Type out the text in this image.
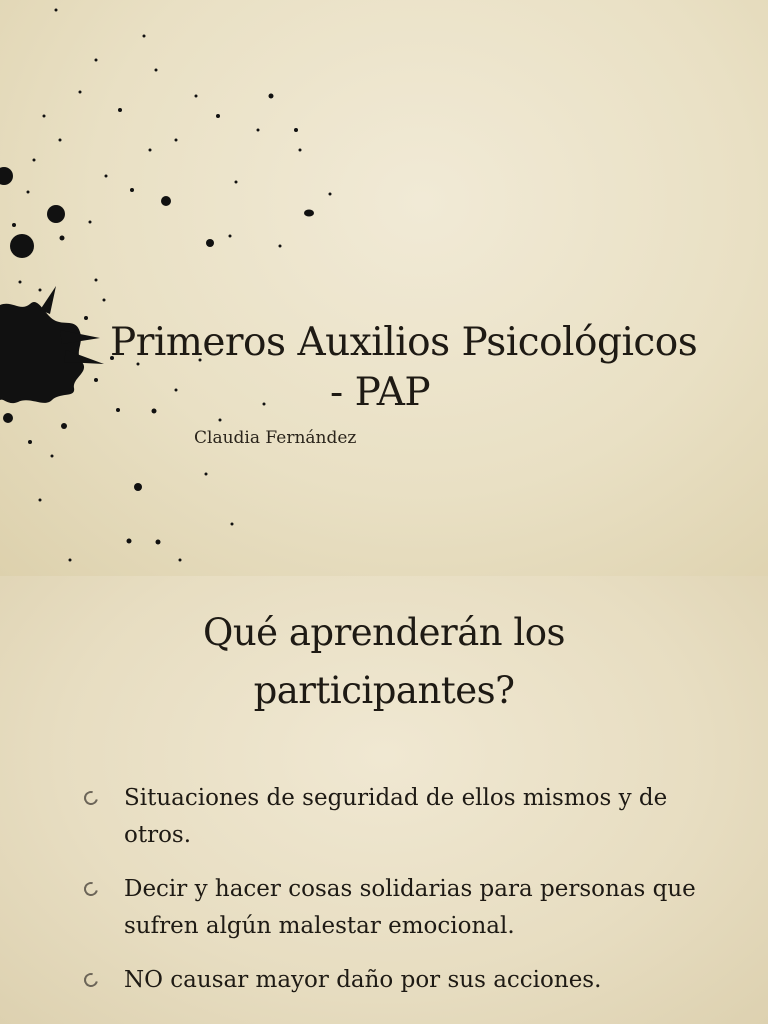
Primeros Auxilios Psicológicos
- PAP

Claudia Fernández

Qué aprenderán los
participantes?
Situaciones de seguridad de ellos mismos y de otros.
Decir y hacer cosas solidarias para personas que sufren algún malestar emocional.
NO causar mayor daño por sus acciones.
